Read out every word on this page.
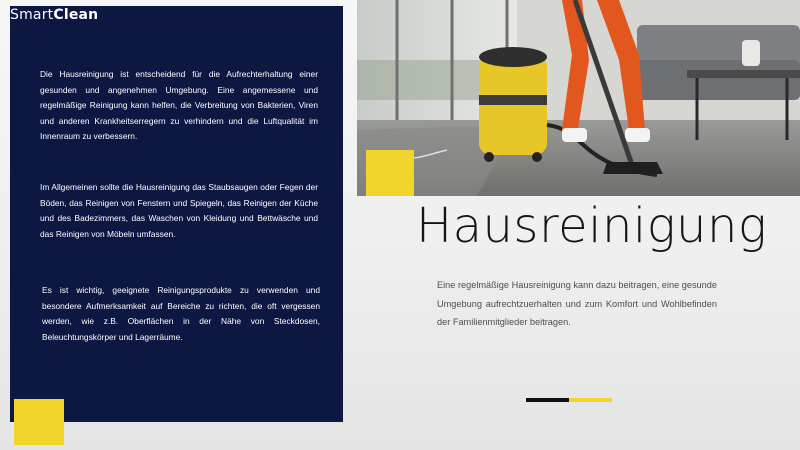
SmartClean
Die Hausreinigung ist entscheidend für die Aufrechterhaltung einer gesunden und angenehmen Umgebung. Eine angemessene und regelmäßige Reinigung kann helfen, die Verbreitung von Bakterien, Viren und anderen Krankheitserregern zu verhindern und die Luftqualität im Innenraum zu verbessern.
Im Allgemeinen sollte die Hausreinigung das Staubsaugen oder Fegen der Böden, das Reinigen von Fenstern und Spiegeln, das Reinigen der Küche und des Badezimmers, das Waschen von Kleidung und Bettwäsche und das Reinigen von Möbeln umfassen.
Es ist wichtig, geeignete Reinigungsprodukte zu verwenden und besondere Aufmerksamkeit auf Bereiche zu richten, die oft vergessen werden, wie z.B. Oberflächen in der Nähe von Steckdosen, Beleuchtungskörper und Lagerräume.
Hausreinigung
Eine regelmäßige Hausreinigung kann dazu beitragen, eine gesunde Umgebung aufrechtzuerhalten und zum Komfort und Wohlbefinden der Familienmitglieder beitragen.
